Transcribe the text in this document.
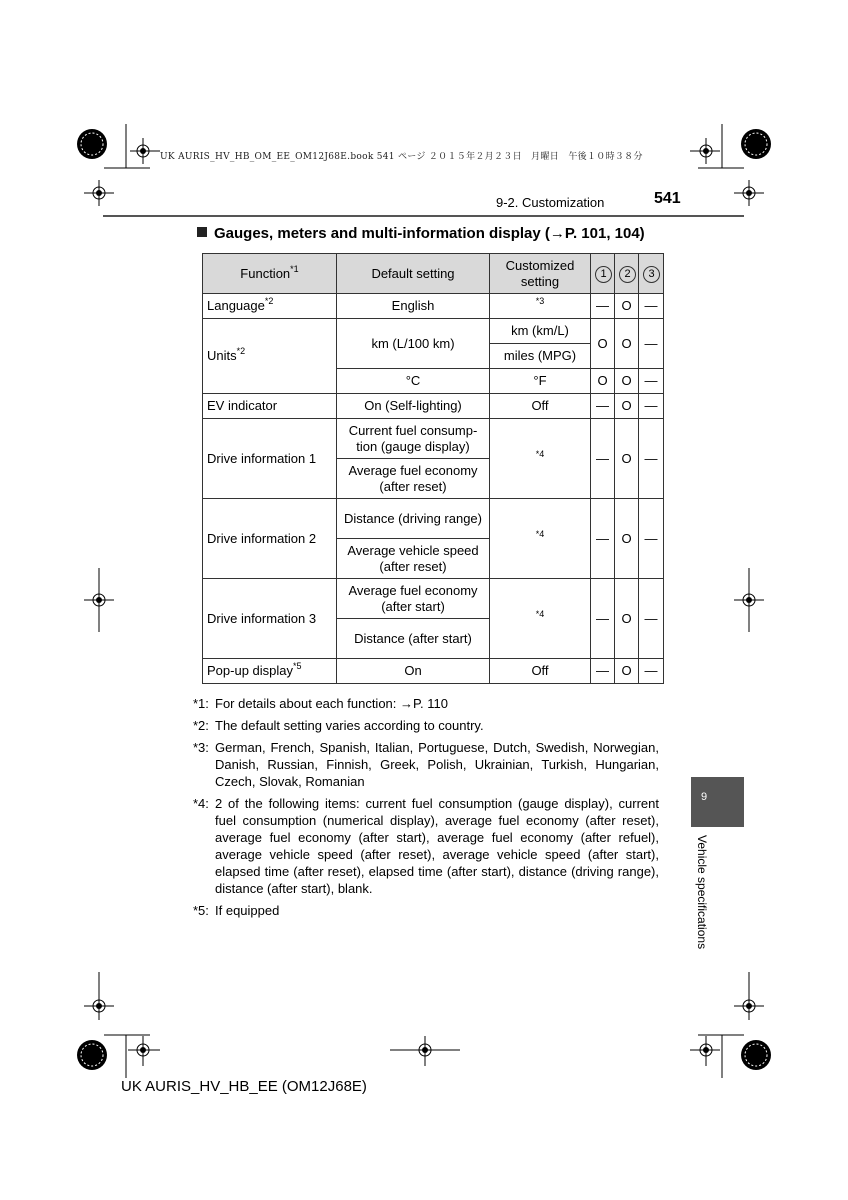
UK AURIS_HV_HB_OM_EE_OM12J68E.book 541 ページ ２０１５年２月２３日　月曜日　午後１０時３８分
9-2. Customization	541
Gauges, meters and multi-information display (→P. 101, 104)
Function$^{*1}$	Default setting	Customized setting	1	2	3
Language$^{*2}$	English	$^{*3}$	—	O	—
Units$^{*2}$	km (L/100 km)	km (km/L)	O	O	—
		miles (MPG)			
	°C	°F	O	O	—
EV indicator	On (Self-lighting)	Off	—	O	—
Drive information 1	Current fuel consump-tion (gauge display)	$^{*4}$	—	O	—
	Average fuel economy (after reset)				
Drive information 2	Distance (driving range)	$^{*4}$	—	O	—
	Average vehicle speed (after reset)				
Drive information 3	Average fuel economy (after start)	$^{*4}$	—	O	—
	Distance (after start)				
Pop-up display$^{*5}$	On	Off	—	O	—
*1: For details about each function: →P. 110
*2: The default setting varies according to country.
*3: German, French, Spanish, Italian, Portuguese, Dutch, Swedish, Norwegian, Danish, Russian, Finnish, Greek, Polish, Ukrainian, Turkish, Hungarian, Czech, Slovak, Romanian
*4: 2 of the following items: current fuel consumption (gauge display), current fuel consumption (numerical display), average fuel economy (after reset), average fuel economy (after start), average fuel economy (after refuel), average vehicle speed (after reset), average vehicle speed (after start), elapsed time (after reset), elapsed time (after start), distance (driving range), distance (after start), blank.
*5: If equipped
9
Vehicle specifications
UK AURIS_HV_HB_EE (OM12J68E)
